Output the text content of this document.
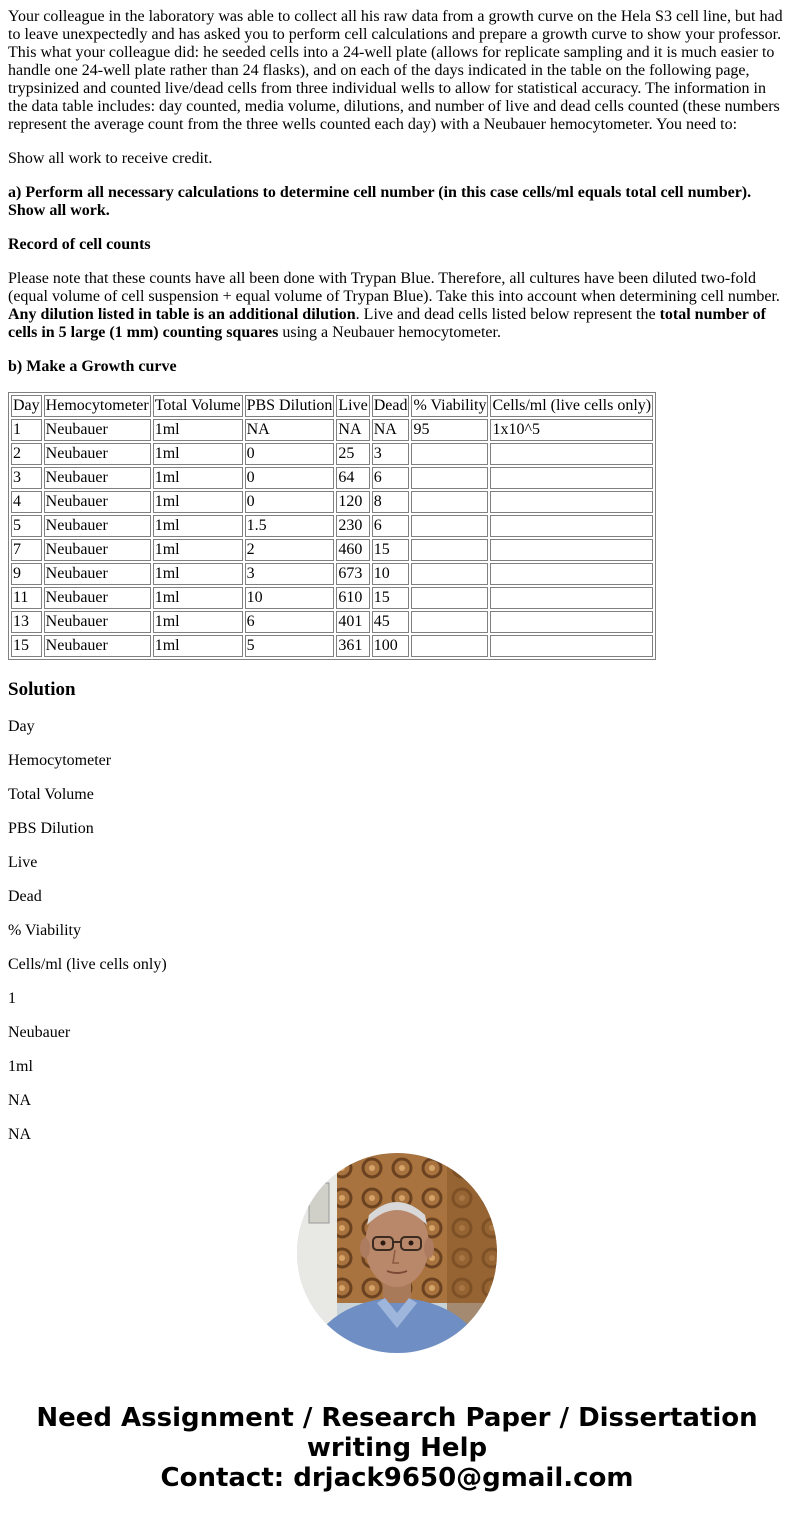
Your colleague in the laboratory was able to collect all his raw data from a growth curve on the Hela S3 cell line, but had to leave unexpectedly and has asked you to perform cell calculations and prepare a growth curve to show your professor. This what your colleague did: he seeded cells into a 24-well plate (allows for replicate sampling and it is much easier to handle one 24-well plate rather than 24 flasks), and on each of the days indicated in the table on the following page, trypsinized and counted live/dead cells from three individual wells to allow for statistical accuracy. The information in the data table includes: day counted, media volume, dilutions, and number of live and dead cells counted (these numbers represent the average count from the three wells counted each day) with a Neubauer hemocytometer. You need to:

Show all work to receive credit.

a) Perform all necessary calculations to determine cell number (in this case cells/ml equals total cell number). Show all work.

Record of cell counts

Please note that these counts have all been done with Trypan Blue. Therefore, all cultures have been diluted two-fold (equal volume of cell suspension + equal volume of Trypan Blue). Take this into account when determining cell number. Any dilution listed in table is an additional dilution. Live and dead cells listed below represent the total number of cells in 5 large (1 mm) counting squares using a Neubauer hemocytometer.

b) Make a Growth curve

Day	Hemocytometer	Total Volume	PBS Dilution	Live	Dead	% Viability	Cells/ml (live cells only)
1	Neubauer	1ml	NA	NA	NA	95	1x10^5
2	Neubauer	1ml	0	25	3		
3	Neubauer	1ml	0	64	6		
4	Neubauer	1ml	0	120	8		
5	Neubauer	1ml	1.5	230	6		
7	Neubauer	1ml	2	460	15		
9	Neubauer	1ml	3	673	10		
11	Neubauer	1ml	10	610	15		
13	Neubauer	1ml	6	401	45		
15	Neubauer	1ml	5	361	100		
Solution

Day

Hemocytometer

Total Volume

PBS Dilution

Live

Dead

% Viability

Cells/ml (live cells only)

1

Neubauer

1ml

NA

NA

Need Assignment / Research Paper / Dissertation writing Help
Contact: drjack9650@gmail.com
